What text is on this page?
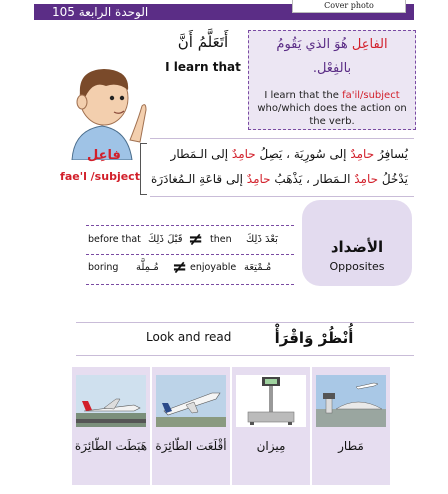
الوحدة الرابعة 105	Cover photo
أَتَعَلَّمُ أَنَّ
I learn that
الفاعِل هُوَ الذي يَقُومُ
بالفِعْل.
I learn that the fa'il/subject who/which does the action on the verb.
فاعِل
fae'l /subject
يُسافِرُ حامِدٌ إلى سُورِيَة ، يَصِلُ حامِدٌ إلى الـمَطار
يَدْخُلُ حامِدٌ الـمَطار ، يَذْهَبُ حامِدٌ إلى قاعَةِ الـمُغادَرَة
before that قَبْلَ ذَلِكَ ≠ then بَعْدَ ذَلِكَ
boring مُـمِلَّة ≠ enjoyable مُـمْتِعَة
الأضداد
Opposites
Look and read	أُنْظُرْ وَاقْرَأْ
هَبَطَت الطّائِرَة أقْلَعَت الطّائِرَة	مِيزان	مَطار
